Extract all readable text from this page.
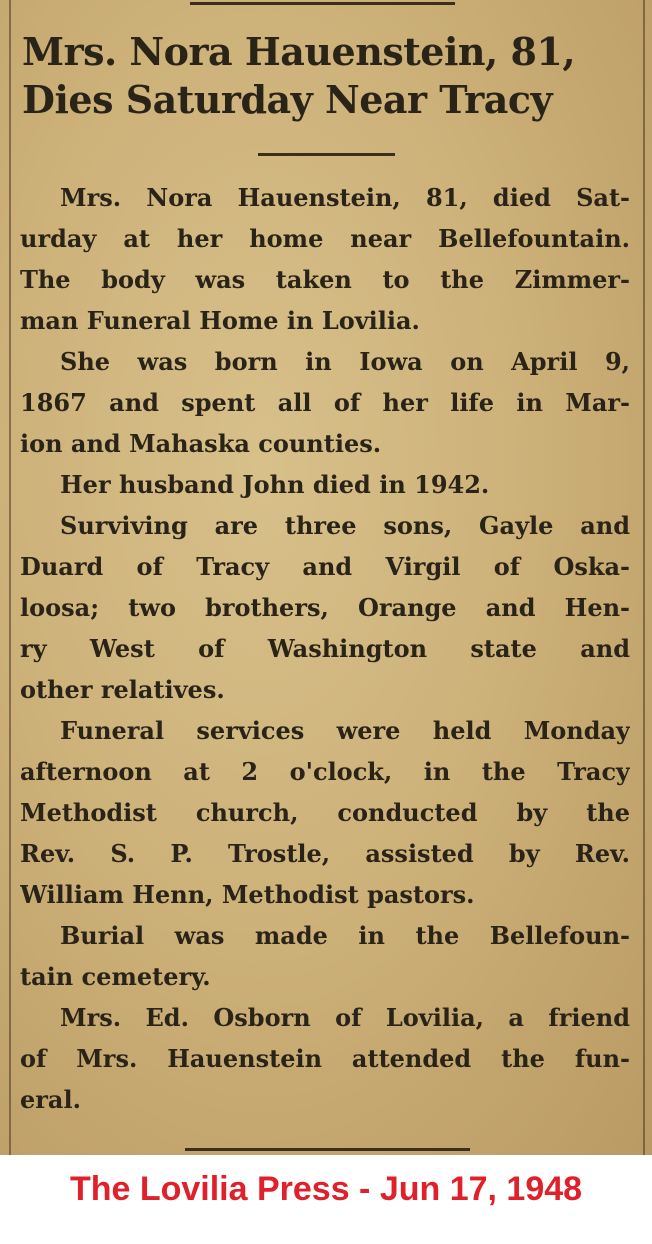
Mrs. Nora Hauenstein, 81,
Dies Saturday Near Tracy
Mrs. Nora Hauenstein, 81, died Sat-
urday at her home near Bellefountain.
The body was taken to the Zimmer-
man Funeral Home in Lovilia.
She was born in Iowa on April 9,
1867 and spent all of her life in Mar-
ion and Mahaska counties.
Her husband John died in 1942.
Surviving are three sons, Gayle and
Duard of Tracy and Virgil of Oska-
loosa; two brothers, Orange and Hen-
ry West of Washington state and
other relatives.
Funeral services were held Monday
afternoon at 2 o'clock, in the Tracy
Methodist church, conducted by the
Rev. S. P. Trostle, assisted by Rev.
William Henn, Methodist pastors.
Burial was made in the Bellefoun-
tain cemetery.
Mrs. Ed. Osborn of Lovilia, a friend
of Mrs. Hauenstein attended the fun-
eral.

The Lovilia Press - Jun 17, 1948
